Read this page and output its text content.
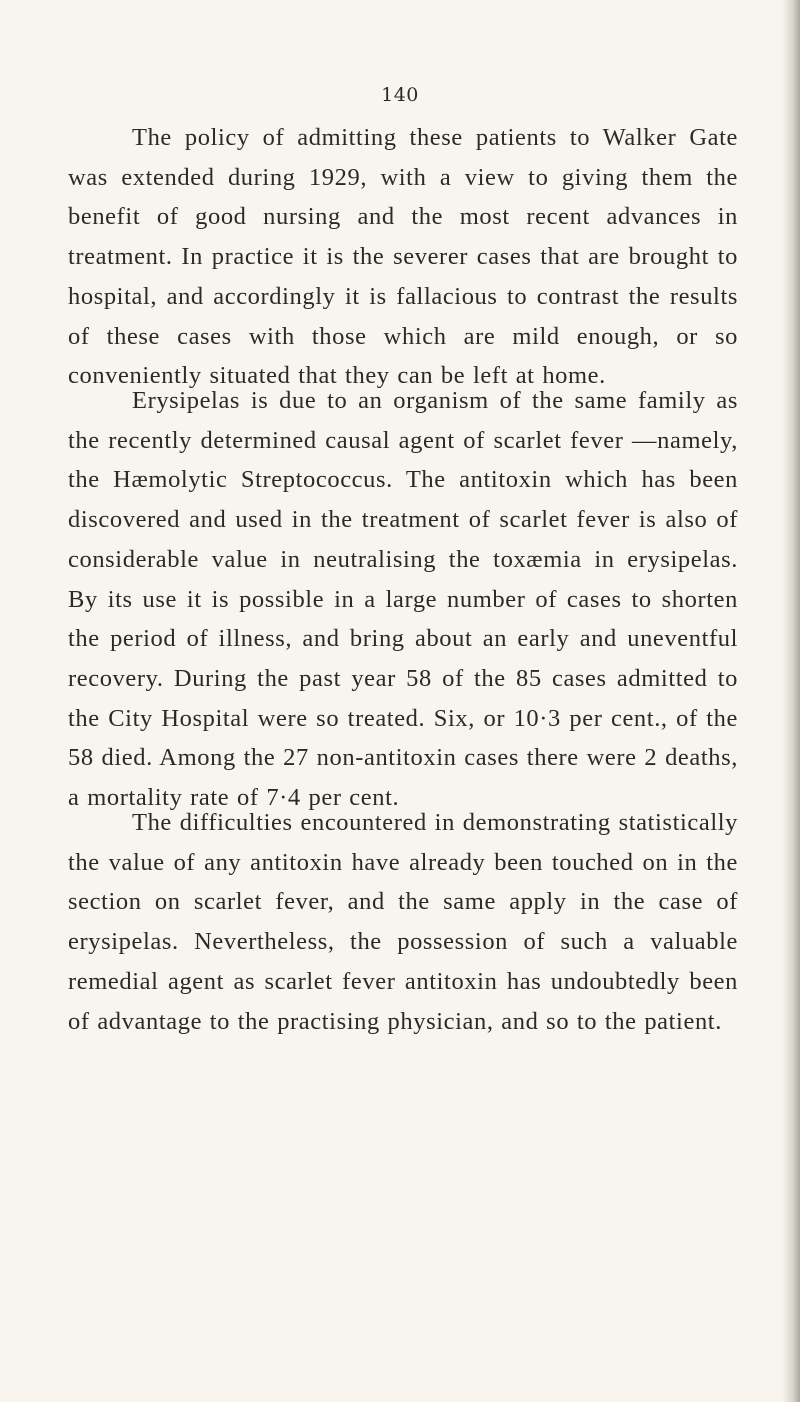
140

The policy of admitting these patients to Walker Gate was extended during 1929, with a view to giving them the benefit of good nursing and the most recent advances in treatment. In practice it is the severer cases that are brought to hospital, and accordingly it is fallacious to contrast the results of these cases with those which are mild enough, or so conveniently situated that they can be left at home.

Erysipelas is due to an organism of the same family as the recently determined causal agent of scarlet fever —namely, the Hæmolytic Streptococcus. The antitoxin which has been discovered and used in the treatment of scarlet fever is also of considerable value in neutralising the toxæmia in erysipelas. By its use it is possible in a large number of cases to shorten the period of illness, and bring about an early and uneventful recovery. During the past year 58 of the 85 cases admitted to the City Hospital were so treated. Six, or 10·3 per cent., of the 58 died. Among the 27 non-antitoxin cases there were 2 deaths, a mortality rate of 7·4 per cent.

The difficulties encountered in demonstrating statistically the value of any antitoxin have already been touched on in the section on scarlet fever, and the same apply in the case of erysipelas. Nevertheless, the possession of such a valuable remedial agent as scarlet fever antitoxin has undoubtedly been of advantage to the practising physician, and so to the patient.
